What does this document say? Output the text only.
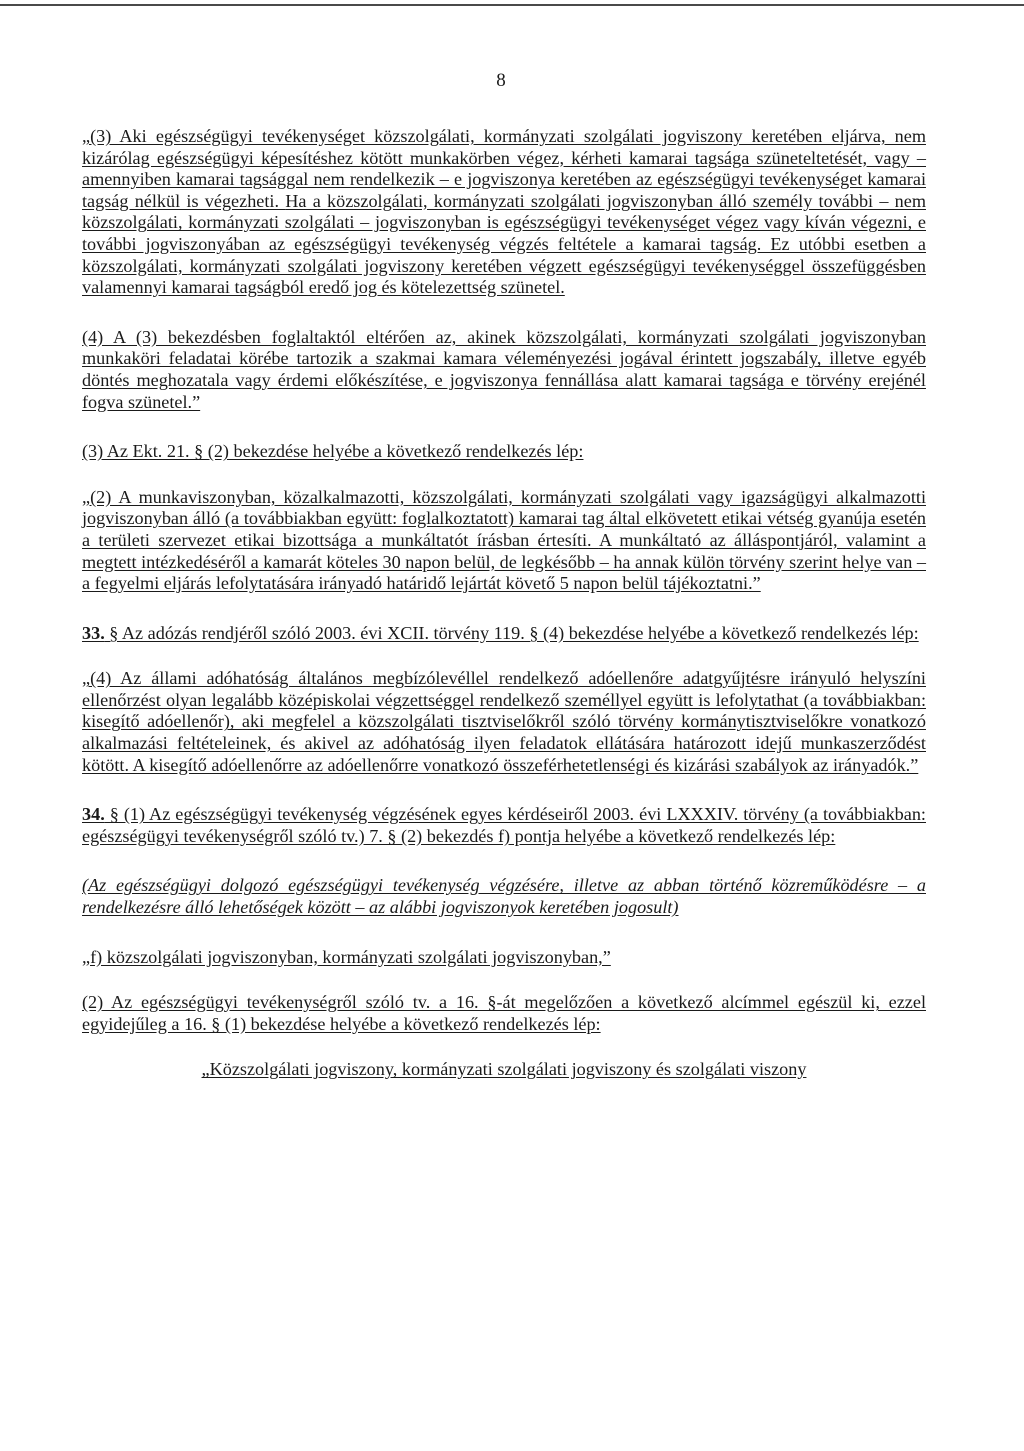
8

„(3) Aki egészségügyi tevékenységet közszolgálati, kormányzati szolgálati jogviszony keretében eljárva, nem kizárólag egészségügyi képesítéshez kötött munkakörben végez, kérheti kamarai tagsága szüneteltetését, vagy – amennyiben kamarai tagsággal nem rendelkezik – e jogviszonya keretében az egészségügyi tevékenységet kamarai tagság nélkül is végezheti. Ha a közszolgálati, kormányzati szolgálati jogviszonyban álló személy további – nem közszolgálati, kormányzati szolgálati – jogviszonyban is egészségügyi tevékenységet végez vagy kíván végezni, e további jogviszonyában az egészségügyi tevékenység végzés feltétele a kamarai tagság. Ez utóbbi esetben a közszolgálati, kormányzati szolgálati jogviszony keretében végzett egészségügyi tevékenységgel összefüggésben valamennyi kamarai tagságból eredő jog és kötelezettség szünetel.

(4) A (3) bekezdésben foglaltaktól eltérően az, akinek közszolgálati, kormányzati szolgálati jogviszonyban munkaköri feladatai körébe tartozik a szakmai kamara véleményezési jogával érintett jogszabály, illetve egyéb döntés meghozatala vagy érdemi előkészítése, e jogviszonya fennállása alatt kamarai tagsága e törvény erejénél fogva szünetel.”

(3) Az Ekt. 21. § (2) bekezdése helyébe a következő rendelkezés lép:

„(2) A munkaviszonyban, közalkalmazotti, közszolgálati, kormányzati szolgálati vagy igazságügyi alkalmazotti jogviszonyban álló (a továbbiakban együtt: foglalkoztatott) kamarai tag által elkövetett etikai vétség gyanúja esetén a területi szervezet etikai bizottsága a munkáltatót írásban értesíti. A munkáltató az álláspontjáról, valamint a megtett intézkedéséről a kamarát köteles 30 napon belül, de legkésőbb – ha annak külön törvény szerint helye van – a fegyelmi eljárás lefolytatására irányadó határidő lejártát követő 5 napon belül tájékoztatni.”

33. § Az adózás rendjéről szóló 2003. évi XCII. törvény 119. § (4) bekezdése helyébe a következő rendelkezés lép:

„(4) Az állami adóhatóság általános megbízólevéllel rendelkező adóellenőre adatgyűjtésre irányuló helyszíni ellenőrzést olyan legalább középiskolai végzettséggel rendelkező személlyel együtt is lefolytathat (a továbbiakban: kisegítő adóellenőr), aki megfelel a közszolgálati tisztviselőkről szóló törvény kormánytisztviselőkre vonatkozó alkalmazási feltételeinek, és akivel az adóhatóság ilyen feladatok ellátására határozott idejű munkaszerződést kötött. A kisegítő adóellenőrre az adóellenőrre vonatkozó összeférhetetlenségi és kizárási szabályok az irányadók.”

34. § (1) Az egészségügyi tevékenység végzésének egyes kérdéseiről 2003. évi LXXXIV. törvény (a továbbiakban: egészségügyi tevékenységről szóló tv.) 7. § (2) bekezdés f) pontja helyébe a következő rendelkezés lép:

(Az egészségügyi dolgozó egészségügyi tevékenység végzésére, illetve az abban történő közreműködésre – a rendelkezésre álló lehetőségek között – az alábbi jogviszonyok keretében jogosult)

„f) közszolgálati jogviszonyban, kormányzati szolgálati jogviszonyban,”

(2) Az egészségügyi tevékenységről szóló tv. a 16. §-át megelőzően a következő alcímmel egészül ki, ezzel egyidejűleg a 16. § (1) bekezdése helyébe a következő rendelkezés lép:

„Közszolgálati jogviszony, kormányzati szolgálati jogviszony és szolgálati viszony
